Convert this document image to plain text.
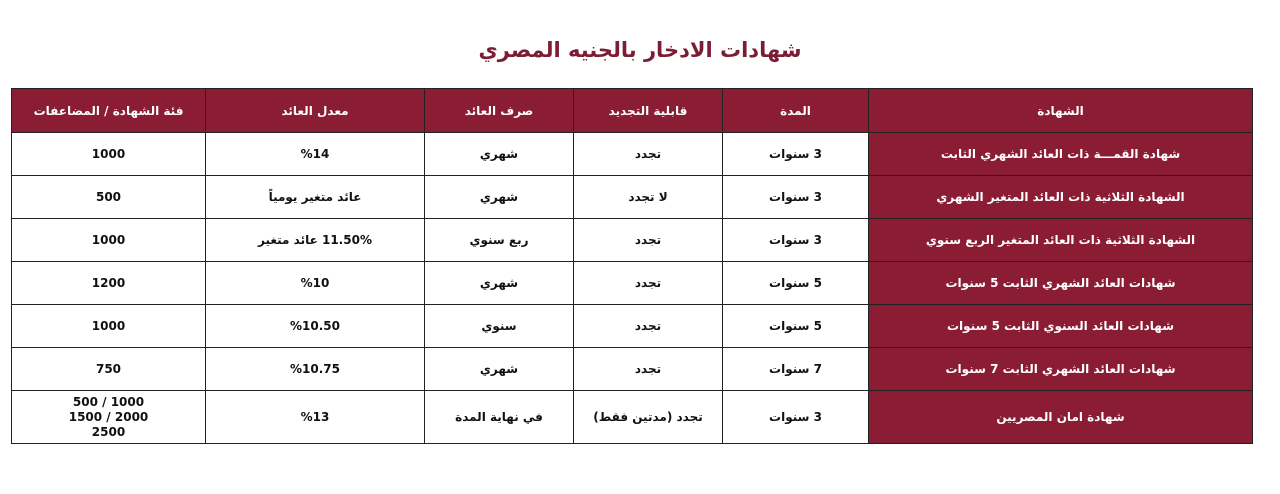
شهادات الادخار بالجنيه المصري
الشهادة	المدة	قابلية التجديد	صرف العائد	معدل العائد	فئة الشهادة / المضاعفات
شهادة القمـــة ذات العائد الشهري الثابت	3 سنوات	تجدد	شهري	%14	1000

الشهادة الثلاثية ذات العائد المتغير الشهري	3 سنوات	لا تجدد	شهري	عائد متغير يومياً	500

الشهادة الثلاثية ذات العائد المتغير الربع سنوي	3 سنوات	تجدد	ربع سنوي	11.50% عائد متغير	1000

شهادات العائد الشهري الثابت 5 سنوات	5 سنوات	تجدد	شهري	%10	1200

شهادات العائد السنوي الثابت 5 سنوات	5 سنوات	تجدد	سنوي	%10.50	1000

شهادات العائد الشهري الثابت 7 سنوات	7 سنوات	تجدد	شهري	%10.75	750

شهادة امان المصريين	3 سنوات	تجدد (مدتين فقط)	في نهاية المدة	%13	1000 / 500
2000 / 1500
2500
